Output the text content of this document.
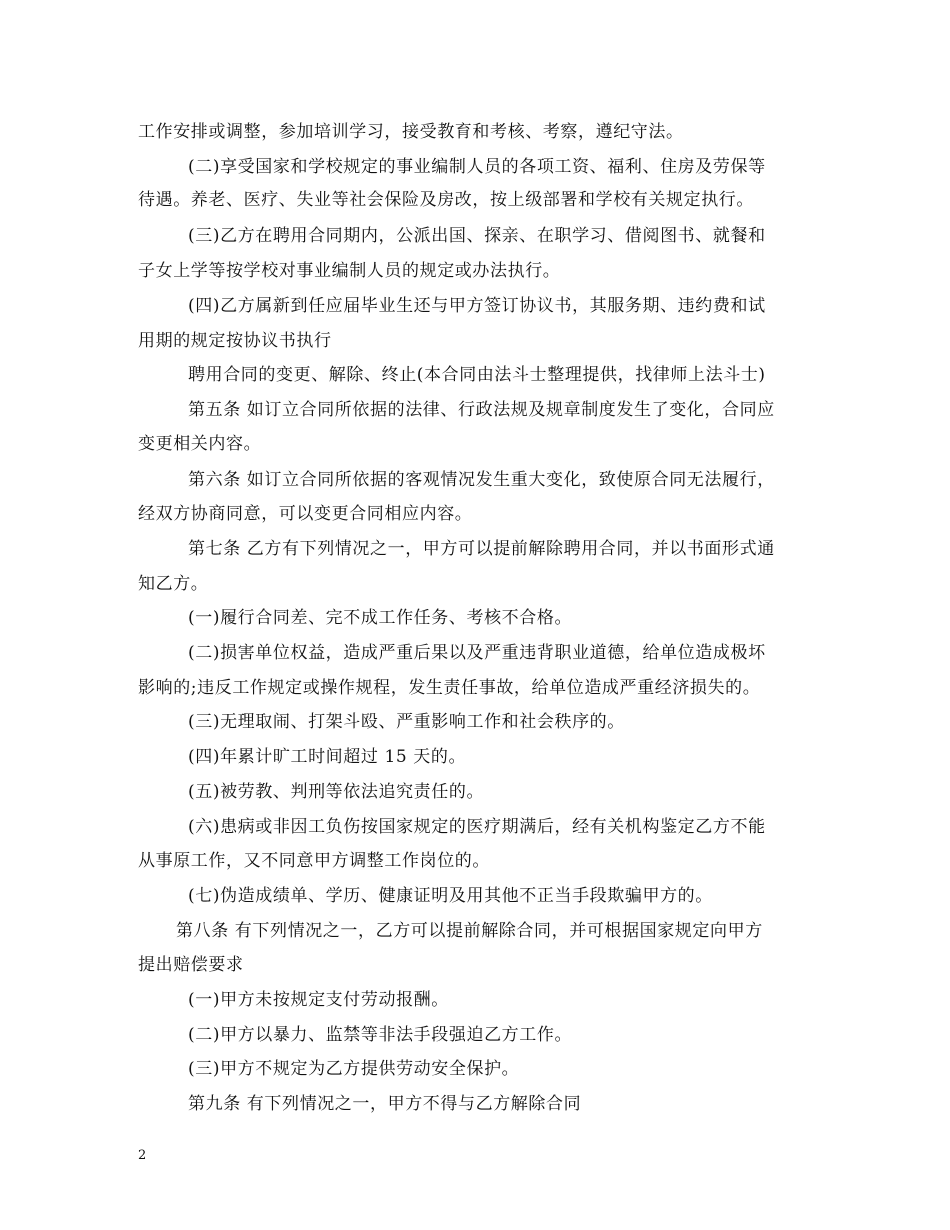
工作安排或调整，参加培训学习，接受教育和考核、考察，遵纪守法。
(二)享受国家和学校规定的事业编制人员的各项工资、福利、住房及劳保等
待遇。养老、医疗、失业等社会保险及房改，按上级部署和学校有关规定执行。
(三)乙方在聘用合同期内，公派出国、探亲、在职学习、借阅图书、就餐和
子女上学等按学校对事业编制人员的规定或办法执行。
(四)乙方属新到任应届毕业生还与甲方签订协议书，其服务期、违约费和试
用期的规定按协议书执行
聘用合同的变更、解除、终止(本合同由法斗士整理提供，找律师上法斗士)
第五条 如订立合同所依据的法律、行政法规及规章制度发生了变化，合同应
变更相关内容。
第六条 如订立合同所依据的客观情况发生重大变化，致使原合同无法履行，
经双方协商同意，可以变更合同相应内容。
第七条 乙方有下列情况之一，甲方可以提前解除聘用合同，并以书面形式通
知乙方。
(一)履行合同差、完不成工作任务、考核不合格。
(二)损害单位权益，造成严重后果以及严重违背职业道德，给单位造成极坏
影响的;违反工作规定或操作规程，发生责任事故，给单位造成严重经济损失的。
(三)无理取闹、打架斗殴、严重影响工作和社会秩序的。
(四)年累计旷工时间超过 15 天的。
(五)被劳教、判刑等依法追究责任的。
(六)患病或非因工负伤按国家规定的医疗期满后，经有关机构鉴定乙方不能
从事原工作，又不同意甲方调整工作岗位的。
(七)伪造成绩单、学历、健康证明及用其他不正当手段欺骗甲方的。
第八条 有下列情况之一，乙方可以提前解除合同，并可根据国家规定向甲方
提出赔偿要求
(一)甲方未按规定支付劳动报酬。
(二)甲方以暴力、监禁等非法手段强迫乙方工作。
(三)甲方不规定为乙方提供劳动安全保护。
第九条 有下列情况之一，甲方不得与乙方解除合同
2
